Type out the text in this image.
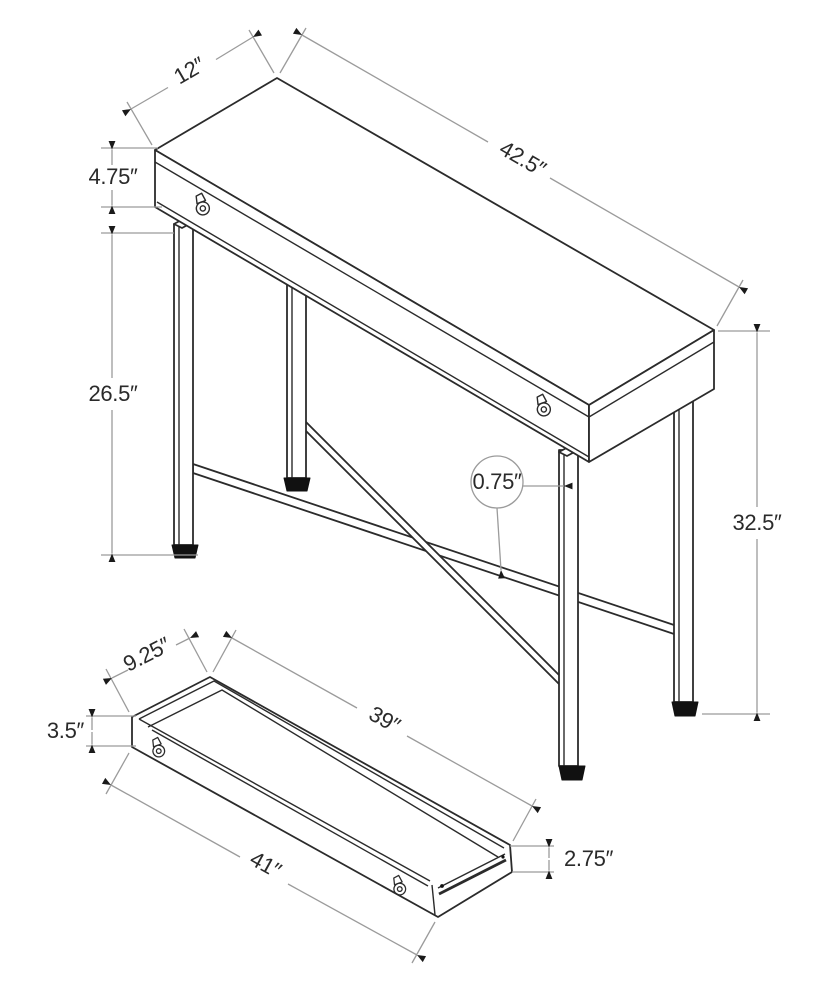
12″
42.5″
4.75″
26.5″
32.5″
0.75″
9.25″
39″
3.5″
41″	2.75″
